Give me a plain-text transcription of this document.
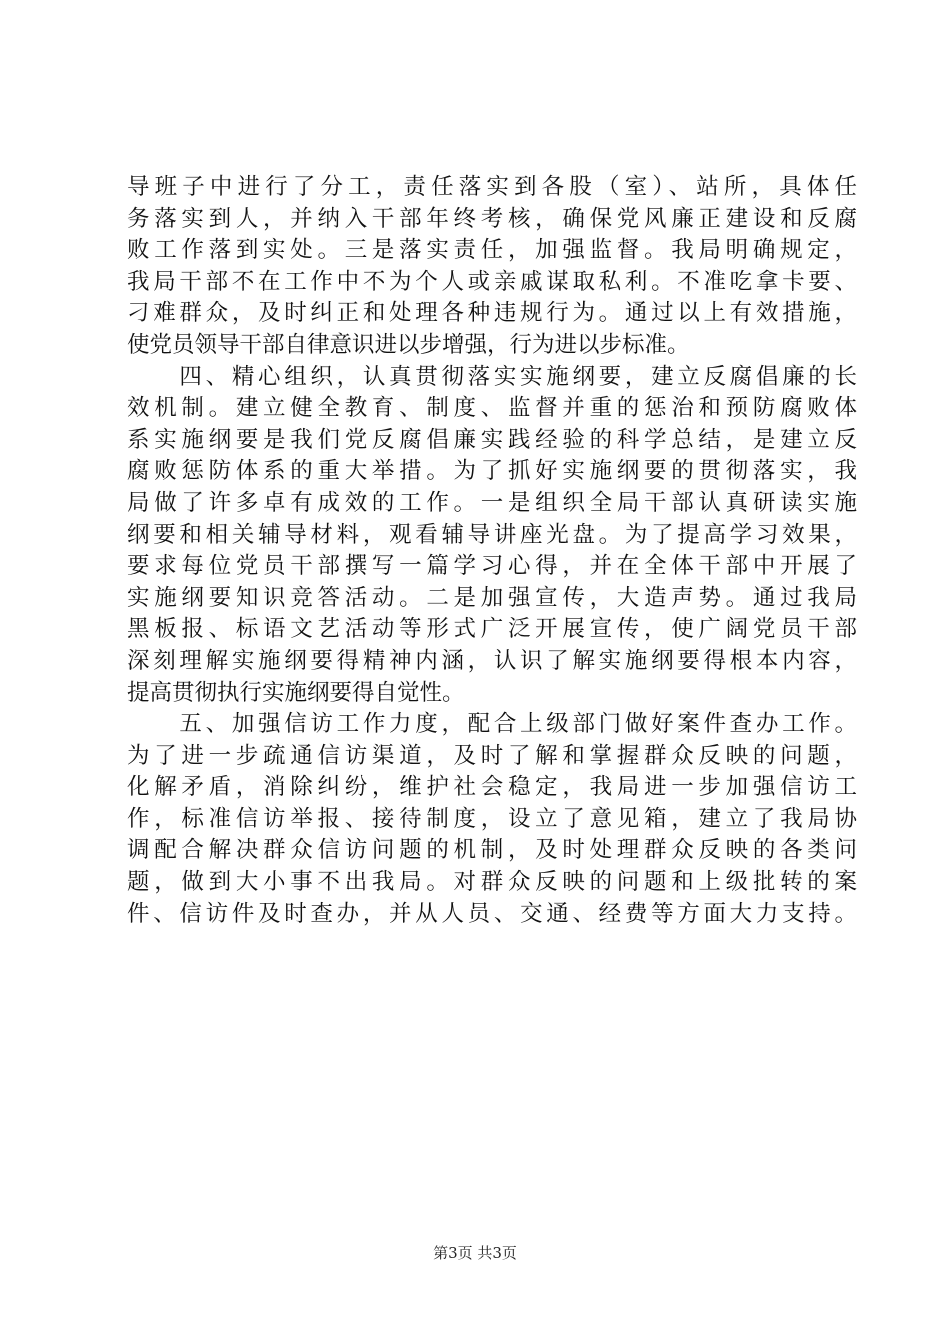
导班子中进行了分工，责任落实到各股（室）、站所，具体任
务落实到人，并纳入干部年终考核，确保党风廉正建设和反腐
败工作落到实处。三是落实责任，加强监督。我局明确规定，
我局干部不在工作中不为个人或亲戚谋取私利。不准吃拿卡要、
刁难群众，及时纠正和处理各种违规行为。通过以上有效措施，
使党员领导干部自律意识进以步增强，行为进以步标准。
　　四、精心组织，认真贯彻落实实施纲要，建立反腐倡廉的长
效机制。建立健全教育、制度、监督并重的惩治和预防腐败体
系实施纲要是我们党反腐倡廉实践经验的科学总结，是建立反
腐败惩防体系的重大举措。为了抓好实施纲要的贯彻落实，我
局做了许多卓有成效的工作。一是组织全局干部认真研读实施
纲要和相关辅导材料，观看辅导讲座光盘。为了提高学习效果，
要求每位党员干部撰写一篇学习心得，并在全体干部中开展了
实施纲要知识竞答活动。二是加强宣传，大造声势。通过我局
黑板报、标语文艺活动等形式广泛开展宣传，使广阔党员干部
深刻理解实施纲要得精神内涵，认识了解实施纲要得根本内容，
提高贯彻执行实施纲要得自觉性。
　　五、加强信访工作力度，配合上级部门做好案件查办工作。
为了进一步疏通信访渠道，及时了解和掌握群众反映的问题，
化解矛盾，消除纠纷，维护社会稳定，我局进一步加强信访工
作，标准信访举报、接待制度，设立了意见箱，建立了我局协
调配合解决群众信访问题的机制，及时处理群众反映的各类问
题，做到大小事不出我局。对群众反映的问题和上级批转的案
件、信访件及时查办，并从人员、交通、经费等方面大力支持。
第3页 共3页
